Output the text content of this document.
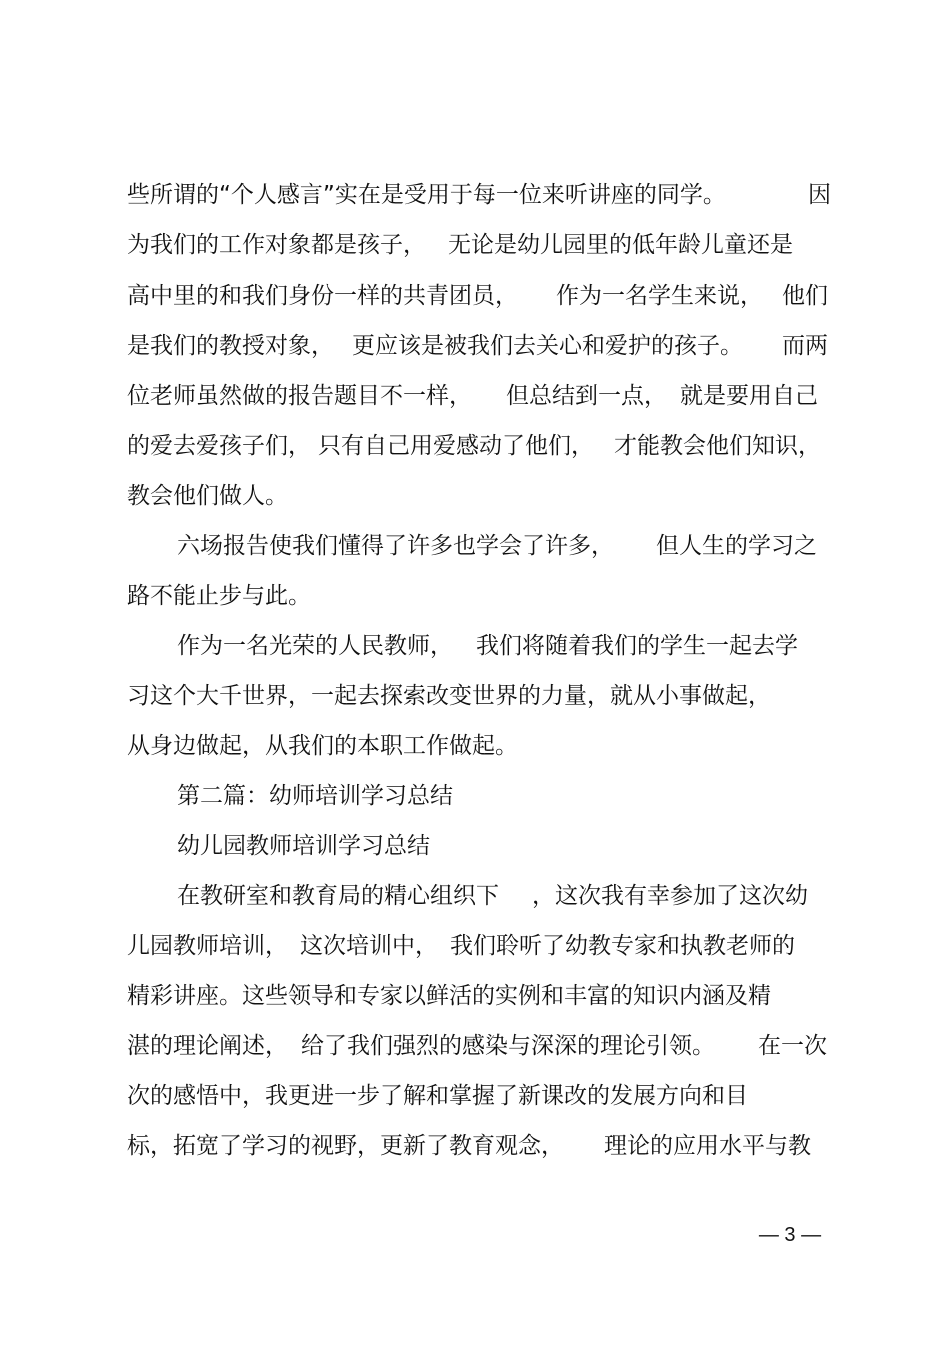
些所谓的“个人感言”实在是受用于每一位来听讲座的同学。

	因

为我们的工作对象都是孩子，

无论是幼儿园里的低年龄儿童还是

高中里的和我们身份一样的共青团员，

作为一名学生来说，

他们

是我们的教授对象，

更应该是被我们去关心和爱护的孩子。

而两

位老师虽然做的报告题目不一样，

但总结到一点，

就是要用自己

的爱去爱孩子们，

只有自己用爱感动了他们，

才能教会他们知识，

教会他们做人。

六场报告使我们懂得了许多也学会了许多，

但人生的学习之

路不能止步与此。

作为一名光荣的人民教师，

我们将随着我们的学生一起去学

习这个大千世界，一起去探索改变世界的力量，就从小事做起，

从身边做起，从我们的本职工作做起。

第二篇：幼师培训学习总结

幼儿园教师培训学习总结

在教研室和教育局的精心组织下

，这次我有幸参加了这次幼

儿园教师培训，

这次培训中，

我们聆听了幼教专家和执教老师的

精彩讲座。这些领导和专家以鲜活的实例和丰富的知识内涵及精

湛的理论阐述，

给了我们强烈的感染与深深的理论引领。

在一次

次的感悟中，我更进一步了解和掌握了新课改的发展方向和目

标，拓宽了学习的视野，更新了教育观念，

理论的应用水平与教

— 3 —
